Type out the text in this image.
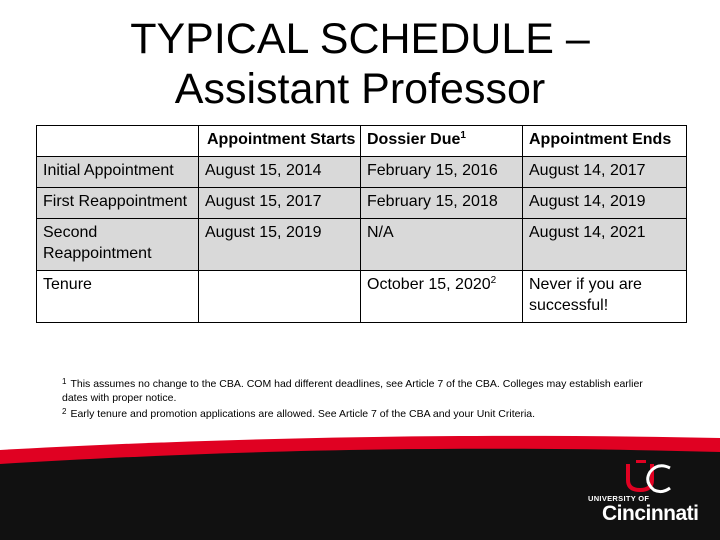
TYPICAL SCHEDULE –
Assistant Professor
	Appointment Starts	Dossier Due$^1$	Appointment Ends
Initial Appointment	August 15, 2014	February 15, 2016	August 14, 2017
First Reappointment	August 15, 2017	February 15, 2018	August 14, 2019
Second Reappointment	August 15, 2019	N/A	August 14, 2021
Tenure		October 15, 2020$^2$	Never if you are successful!
$^1$ This assumes no change to the CBA. COM had different deadlines, see Article 7 of the CBA. Colleges may establish earlier dates with proper notice.
$^2$ Early tenure and promotion applications are allowed. See Article 7 of the CBA and your Unit Criteria.
UNIVERSITY OF
Cincinnati
